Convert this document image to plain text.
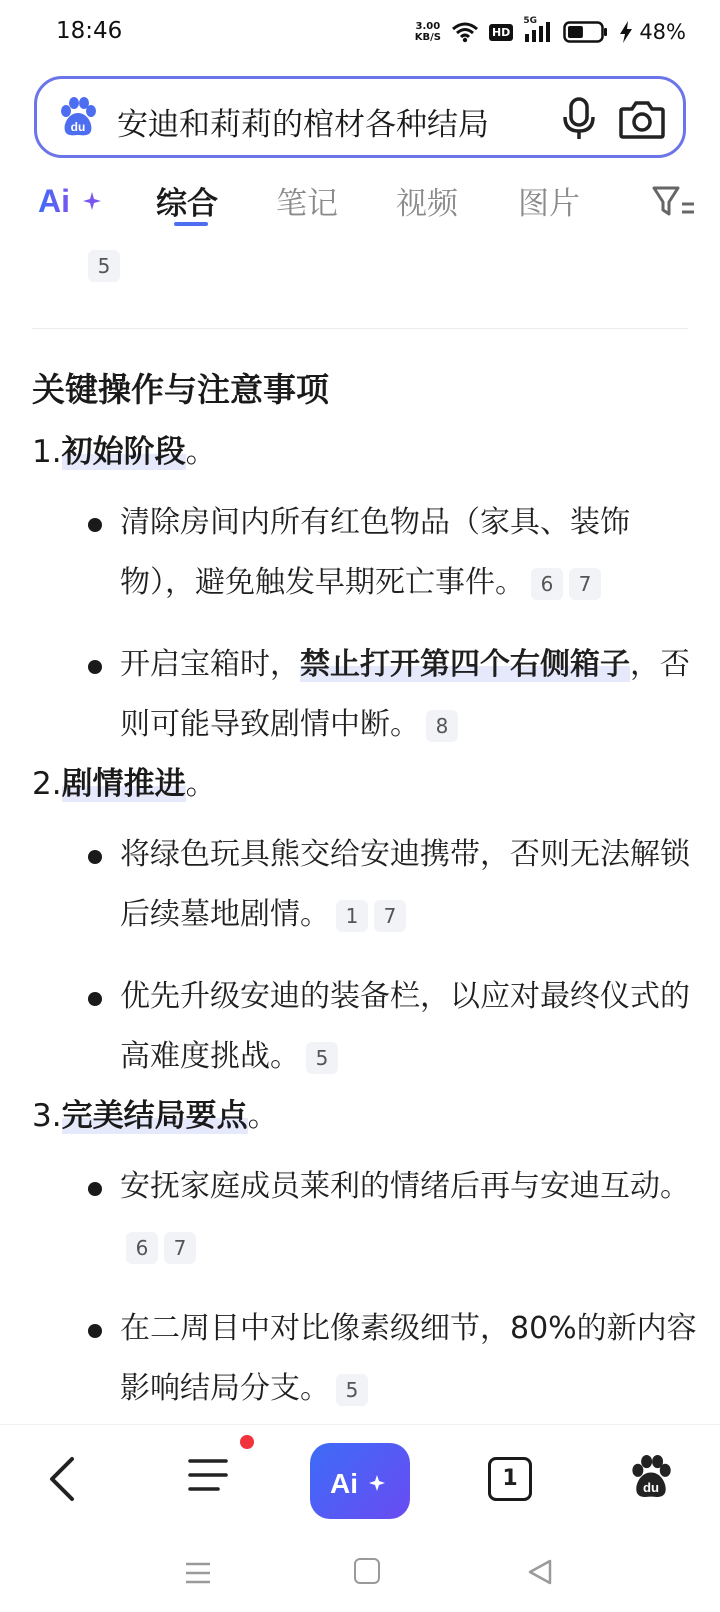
18:46	3.00
KB/S	HD
5G	48%
du 安迪和莉莉的棺材各种结局
Ai	综合 笔记 视频 图片
5
关键操作与注意事项
1.初始阶段。
清除房间内所有红色物品（家具、装饰物），避免触发早期死亡事件。 6 7
开启宝箱时，禁止打开第四个右侧箱子，否则可能导致剧情中断。 8
2.剧情推进。
将绿色玩具熊交给安迪携带，否则无法解锁后续墓地剧情。 1 7
优先升级安迪的装备栏，以应对最终仪式的高难度挑战。 5
3.完美结局要点。
安抚家庭成员莱利的情绪后再与安迪互动。6 7
在二周目中对比像素级细节，80%的新内容影响结局分支。 5
Ai	1	du
